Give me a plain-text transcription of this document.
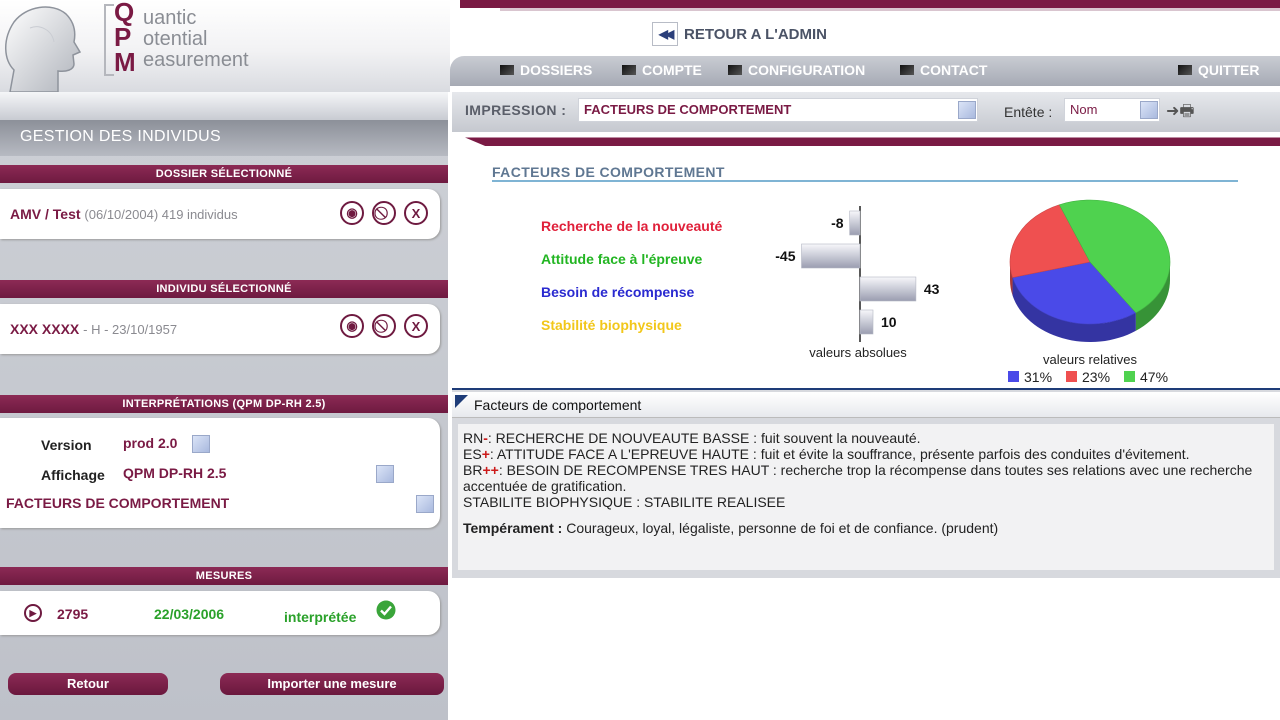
Q
P
M
uantic
otential
easurement
◀◀ RETOUR A L'ADMIN
DOSSIERS	COMPTE	CONFIGURATION	CONTACT	QUITTER
GESTION DES INDIVIDUS
DOSSIER SÉLECTIONNÉ
AMV / Test (06/10/2004) 419 individus	◉	X
INDIVIDU SÉLECTIONNÉ
XXX XXXX - H - 23/10/1957	◉	X
INTERPRÉTATIONS (QPM DP-RH 2.5)
Version	prod 2.0
Affichage	QPM DP-RH 2.5
FACTEURS DE COMPORTEMENT
MESURES
▶	2795	22/03/2006	interprétée
Retour	Importer une mesure
IMPRESSION : FACTEURS DE COMPORTEMENT	Entête : Nom	➜🖶
FACTEURS DE COMPORTEMENT
Recherche de la nouveauté
Attitude face à l'épreuve
Besoin de récompense
Stabilité biophysique
-8
-45
43
10
valeurs absolues	valeurs relatives
31% 23% 47%
Facteurs de comportement
RN-: RECHERCHE DE NOUVEAUTE BASSE : fuit souvent la nouveauté.
ES+: ATTITUDE FACE A L'EPREUVE HAUTE : fuit et évite la souffrance, présente parfois des conduites d'évitement.
BR++: BESOIN DE RECOMPENSE TRES HAUT : recherche trop la récompense dans toutes ses relations avec une recherche accentuée de gratification.
STABILITE BIOPHYSIQUE : STABILITE REALISEE
Tempérament : Courageux, loyal, légaliste, personne de foi et de confiance. (prudent)
